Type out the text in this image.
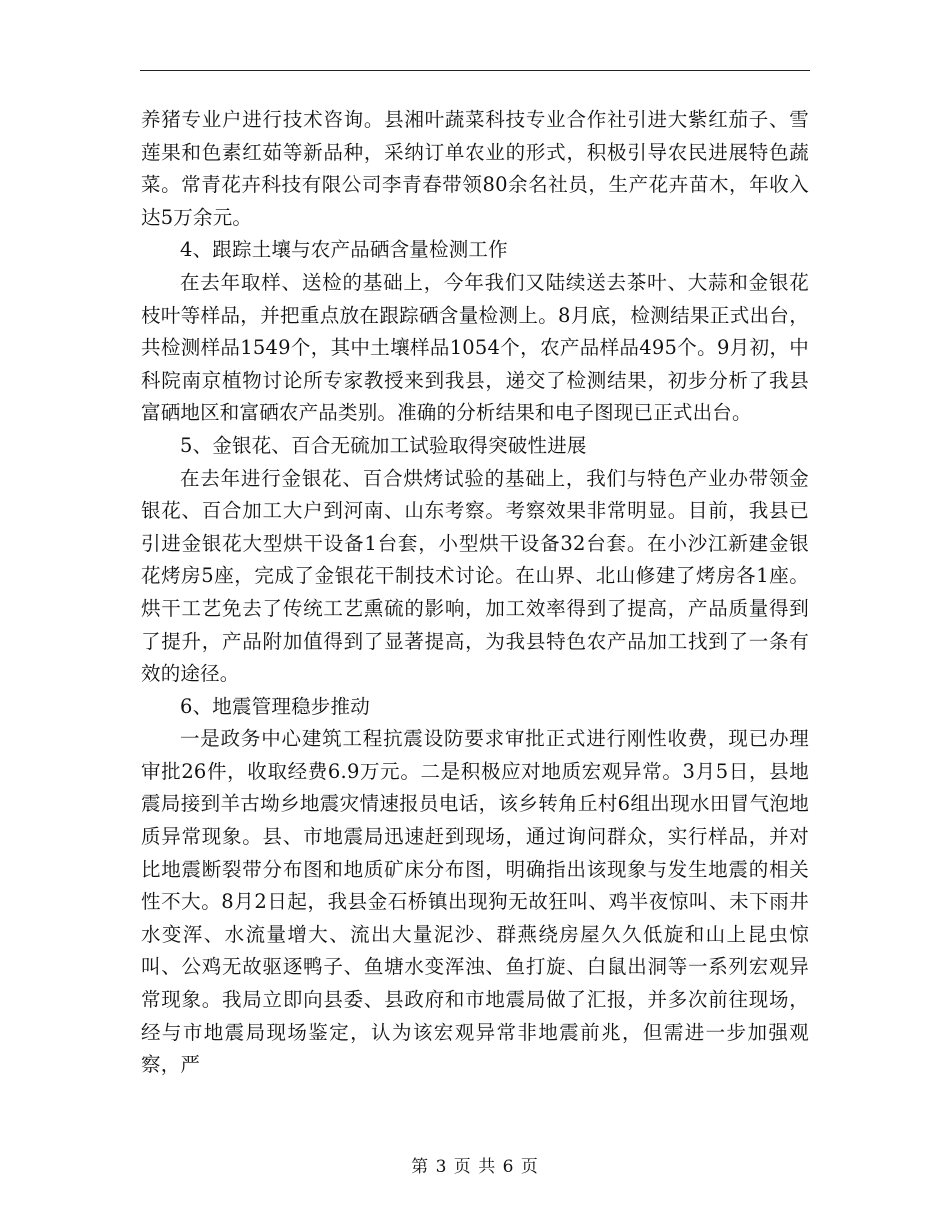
养猪专业户进行技术咨询。县湘叶蔬菜科技专业合作社引进大紫红茄子、雪莲果和色素红茹等新品种，采纳订单农业的形式，积极引导农民进展特色蔬菜。常青花卉科技有限公司李青春带领80余名社员，生产花卉苗木，年收入达5万余元。

4、跟踪土壤与农产品硒含量检测工作

在去年取样、送检的基础上，今年我们又陆续送去茶叶、大蒜和金银花枝叶等样品，并把重点放在跟踪硒含量检测上。8月底，检测结果正式出台，共检测样品1549个，其中土壤样品1054个，农产品样品495个。9月初，中科院南京植物讨论所专家教授来到我县，递交了检测结果，初步分析了我县富硒地区和富硒农产品类别。准确的分析结果和电子图现已正式出台。

5、金银花、百合无硫加工试验取得突破性进展

在去年进行金银花、百合烘烤试验的基础上，我们与特色产业办带领金银花、百合加工大户到河南、山东考察。考察效果非常明显。目前，我县已引进金银花大型烘干设备1台套，小型烘干设备32台套。在小沙江新建金银花烤房5座，完成了金银花干制技术讨论。在山界、北山修建了烤房各1座。烘干工艺免去了传统工艺熏硫的影响，加工效率得到了提高，产品质量得到了提升，产品附加值得到了显著提高，为我县特色农产品加工找到了一条有效的途径。

6、地震管理稳步推动

一是政务中心建筑工程抗震设防要求审批正式进行刚性收费，现已办理审批26件，收取经费6.9万元。二是积极应对地质宏观异常。3月5日，县地震局接到羊古坳乡地震灾情速报员电话，该乡转角丘村6组出现水田冒气泡地质异常现象。县、市地震局迅速赶到现场，通过询问群众，实行样品，并对比地震断裂带分布图和地质矿床分布图，明确指出该现象与发生地震的相关性不大。8月2日起，我县金石桥镇出现狗无故狂叫、鸡半夜惊叫、未下雨井水变浑、水流量增大、流出大量泥沙、群燕绕房屋久久低旋和山上昆虫惊叫、公鸡无故驱逐鸭子、鱼塘水变浑浊、鱼打旋、白鼠出洞等一系列宏观异常现象。我局立即向县委、县政府和市地震局做了汇报，并多次前往现场，经与市地震局现场鉴定，认为该宏观异常非地震前兆，但需进一步加强观察，严

第 3 页 共 6 页
